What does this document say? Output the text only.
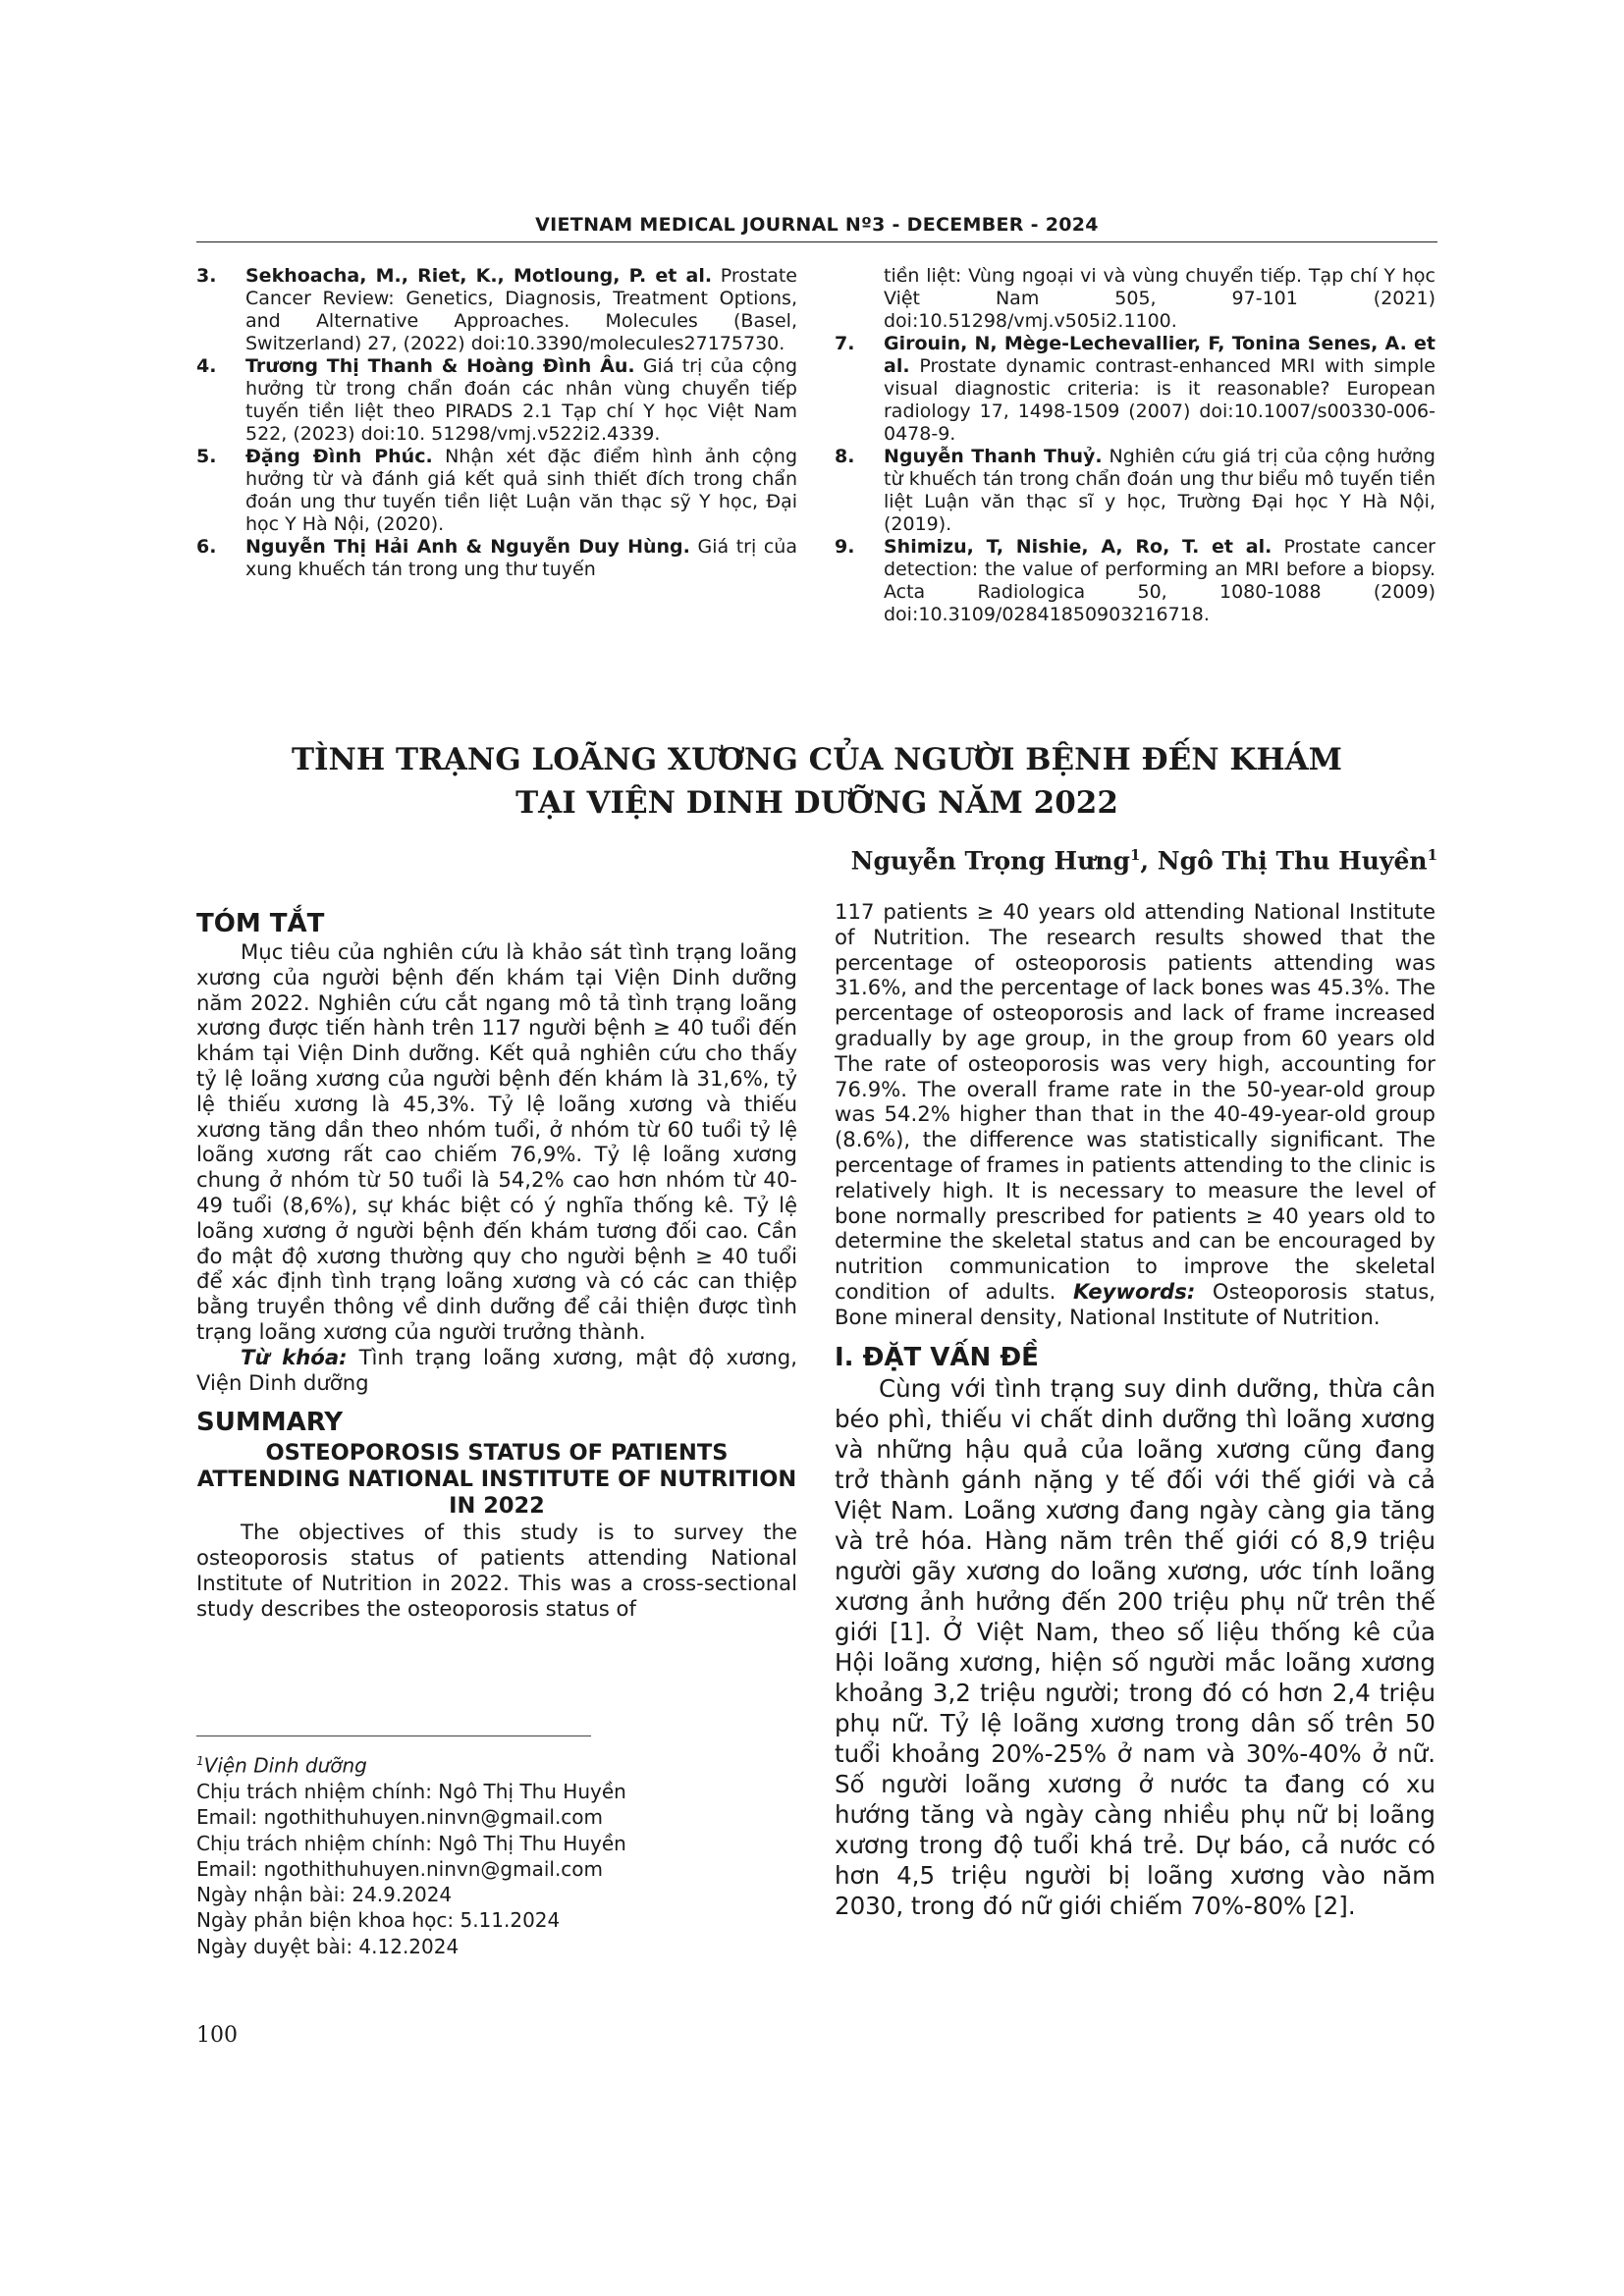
VIETNAM MEDICAL JOURNAL Nº3 - DECEMBER - 2024
3. Sekhoacha, M., Riet, K., Motloung, P. et al. Prostate Cancer Review: Genetics, Diagnosis, Treatment Options, and Alternative Approaches. Molecules (Basel, Switzerland) 27, (2022) doi:10.3390/molecules27175730.
4. Trương Thị Thanh & Hoàng Đình Âu. Giá trị của cộng hưởng từ trong chẩn đoán các nhân vùng chuyển tiếp tuyến tiền liệt theo PIRADS 2.1 Tạp chí Y học Việt Nam 522, (2023) doi:10. 51298/vmj.v522i2.4339.
5. Đặng Đình Phúc. Nhận xét đặc điểm hình ảnh cộng hưởng từ và đánh giá kết quả sinh thiết đích trong chẩn đoán ung thư tuyến tiền liệt Luận văn thạc sỹ Y học, Đại học Y Hà Nội, (2020).
6. Nguyễn Thị Hải Anh & Nguyễn Duy Hùng. Giá trị của xung khuếch tán trong ung thư tuyến
tiền liệt: Vùng ngoại vi và vùng chuyển tiếp. Tạp chí Y học Việt Nam 505, 97-101 (2021) doi:10.51298/vmj.v505i2.1100.
7. Girouin, N, Mège-Lechevallier, F, Tonina Senes, A. et al. Prostate dynamic contrast-enhanced MRI with simple visual diagnostic criteria: is it reasonable? European radiology 17, 1498-1509 (2007) doi:10.1007/s00330-006-0478-9.
8. Nguyễn Thanh Thuỷ. Nghiên cứu giá trị của cộng hưởng từ khuếch tán trong chẩn đoán ung thư biểu mô tuyến tiền liệt Luận văn thạc sĩ y học, Trường Đại học Y Hà Nội, (2019).
9. Shimizu, T, Nishie, A, Ro, T. et al. Prostate cancer detection: the value of performing an MRI before a biopsy. Acta Radiologica 50, 1080-1088 (2009) doi:10.3109/02841850903216718.
TÌNH TRẠNG LOÃNG XƯƠNG CỦA NGƯỜI BỆNH ĐẾN KHÁM
TẠI VIỆN DINH DƯỠNG NĂM 2022
Nguyễn Trọng Hưng$^1$, Ngô Thị Thu Huyền$^1$
TÓM TẮT
Mục tiêu của nghiên cứu là khảo sát tình trạng loãng xương của người bệnh đến khám tại Viện Dinh dưỡng năm 2022. Nghiên cứu cắt ngang mô tả tình trạng loãng xương được tiến hành trên 117 người bệnh ≥ 40 tuổi đến khám tại Viện Dinh dưỡng. Kết quả nghiên cứu cho thấy tỷ lệ loãng xương của người bệnh đến khám là 31,6%, tỷ lệ thiếu xương là 45,3%. Tỷ lệ loãng xương và thiếu xương tăng dần theo nhóm tuổi, ở nhóm từ 60 tuổi tỷ lệ loãng xương rất cao chiếm 76,9%. Tỷ lệ loãng xương chung ở nhóm từ 50 tuổi là 54,2% cao hơn nhóm từ 40-49 tuổi (8,6%), sự khác biệt có ý nghĩa thống kê. Tỷ lệ loãng xương ở người bệnh đến khám tương đối cao. Cần đo mật độ xương thường quy cho người bệnh ≥ 40 tuổi để xác định tình trạng loãng xương và có các can thiệp bằng truyền thông về dinh dưỡng để cải thiện được tình trạng loãng xương của người trưởng thành.
Từ khóa: Tình trạng loãng xương, mật độ xương, Viện Dinh dưỡng
SUMMARY
OSTEOPOROSIS STATUS OF PATIENTS ATTENDING NATIONAL INSTITUTE OF NUTRITION IN 2022
The objectives of this study is to survey the osteoporosis status of patients attending National Institute of Nutrition in 2022. This was a cross-sectional study describes the osteoporosis status of
$^1$Viện Dinh dưỡng
Chịu trách nhiệm chính: Ngô Thị Thu Huyền
Email: ngothithuhuyen.ninvn@gmail.com
Chịu trách nhiệm chính: Ngô Thị Thu Huyền
Email: ngothithuhuyen.ninvn@gmail.com
Ngày nhận bài: 24.9.2024
Ngày phản biện khoa học: 5.11.2024
Ngày duyệt bài: 4.12.2024
117 patients ≥ 40 years old attending National Institute of Nutrition. The research results showed that the percentage of osteoporosis patients attending was 31.6%, and the percentage of lack bones was 45.3%. The percentage of osteoporosis and lack of frame increased gradually by age group, in the group from 60 years old The rate of osteoporosis was very high, accounting for 76.9%. The overall frame rate in the 50-year-old group was 54.2% higher than that in the 40-49-year-old group (8.6%), the difference was statistically significant. The percentage of frames in patients attending to the clinic is relatively high. It is necessary to measure the level of bone normally prescribed for patients ≥ 40 years old to determine the skeletal status and can be encouraged by nutrition communication to improve the skeletal condition of adults. Keywords: Osteoporosis status, Bone mineral density, National Institute of Nutrition.
I. ĐẶT VẤN ĐỀ
Cùng với tình trạng suy dinh dưỡng, thừa cân béo phì, thiếu vi chất dinh dưỡng thì loãng xương và những hậu quả của loãng xương cũng đang trở thành gánh nặng y tế đối với thế giới và cả Việt Nam. Loãng xương đang ngày càng gia tăng và trẻ hóa. Hàng năm trên thế giới có 8,9 triệu người gãy xương do loãng xương, ước tính loãng xương ảnh hưởng đến 200 triệu phụ nữ trên thế giới [1]. Ở Việt Nam, theo số liệu thống kê của Hội loãng xương, hiện số người mắc loãng xương khoảng 3,2 triệu người; trong đó có hơn 2,4 triệu phụ nữ. Tỷ lệ loãng xương trong dân số trên 50 tuổi khoảng 20%-25% ở nam và 30%-40% ở nữ. Số người loãng xương ở nước ta đang có xu hướng tăng và ngày càng nhiều phụ nữ bị loãng xương trong độ tuổi khá trẻ. Dự báo, cả nước có hơn 4,5 triệu người bị loãng xương vào năm 2030, trong đó nữ giới chiếm 70%-80% [2].
100
